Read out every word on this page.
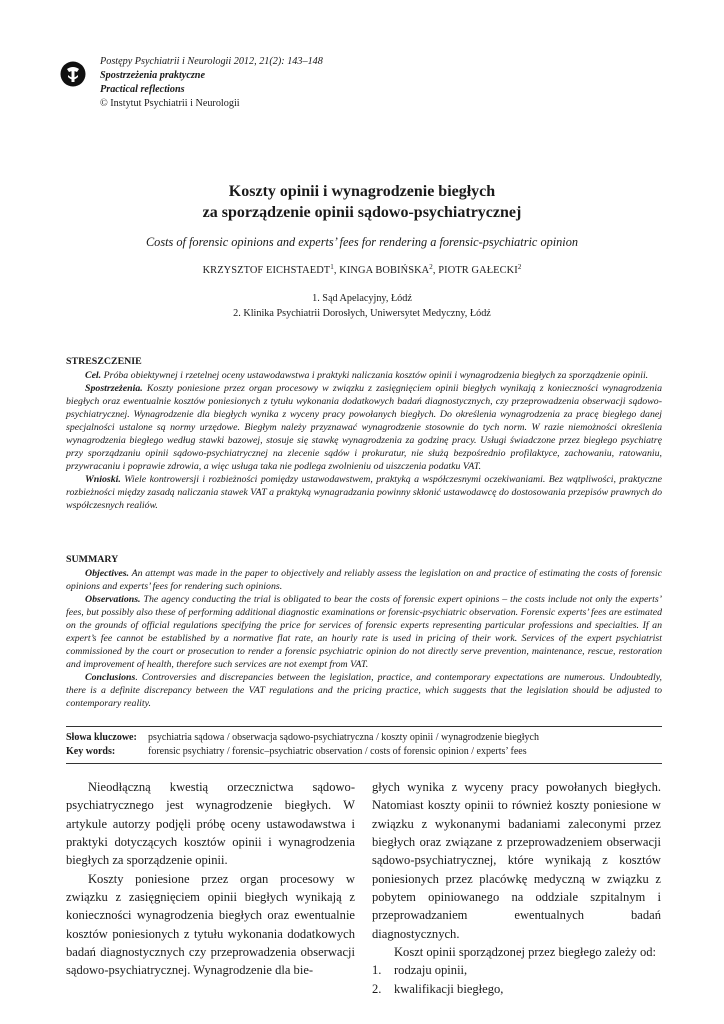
Postępy Psychiatrii i Neurologii 2012, 21(2): 143–148
Spostrzeżenia praktyczne
Practical reflections
© Instytut Psychiatrii i Neurologii
Koszty opinii i wynagrodzenie biegłych
za sporządzenie opinii sądowo-psychiatrycznej
Costs of forensic opinions and experts’ fees for rendering a forensic-psychiatric opinion
KRZYSZTOF EICHSTAEDT$^1$, KINGA BOBIŃSKA$^2$, PIOTR GAŁECKI$^2$
1. Sąd Apelacyjny, Łódź
2. Klinika Psychiatrii Dorosłych, Uniwersytet Medyczny, Łódź
STRESZCZENIE

Cel. Próba obiektywnej i rzetelnej oceny ustawodawstwa i praktyki naliczania kosztów opinii i wynagrodzenia biegłych za sporządzenie opinii.

Spostrzeżenia. Koszty poniesione przez organ procesowy w związku z zasięgnięciem opinii biegłych wynikają z konieczności wynagrodzenia biegłych oraz ewentualnie kosztów poniesionych z tytułu wykonania dodatkowych badań diagnostycznych, czy przeprowadzenia obserwacji sądowo-psychiatrycznej. Wynagrodzenie dla biegłych wynika z wyceny pracy powołanych biegłych. Do określenia wynagrodzenia za pracę biegłego danej specjalności ustalone są normy urzędowe. Biegłym należy przyznawać wynagrodzenie stosownie do tych norm. W razie niemożności określenia wynagrodzenia biegłego według stawki bazowej, stosuje się stawkę wynagrodzenia za godzinę pracy. Usługi świadczone przez biegłego psychiatrę przy sporządzaniu opinii sądowo-psychiatrycznej na zlecenie sądów i prokuratur, nie służą bezpośrednio profilaktyce, zachowaniu, ratowaniu, przywracaniu i poprawie zdrowia, a więc usługa taka nie podlega zwolnieniu od uiszczenia podatku VAT.

Wnioski. Wiele kontrowersji i rozbieżności pomiędzy ustawodawstwem, praktyką a współczesnymi oczekiwaniami. Bez wątpliwości, praktyczne rozbieżności między zasadą naliczania stawek VAT a praktyką wynagradzania powinny skłonić ustawodawcę do dostosowania przepisów prawnych do współczesnych realiów.

SUMMARY

Objectives. An attempt was made in the paper to objectively and reliably assess the legislation on and practice of estimating the costs of forensic opinions and experts’ fees for rendering such opinions.

Observations. The agency conducting the trial is obligated to bear the costs of forensic expert opinions – the costs include not only the experts’ fees, but possibly also these of performing additional diagnostic examinations or forensic-psychiatric observation. Forensic experts’ fees are estimated on the grounds of official regulations specifying the price for services of forensic experts representing particular professions and specialties. If an expert’s fee cannot be established by a normative flat rate, an hourly rate is used in pricing of their work. Services of the expert psychiatrist commissioned by the court or prosecution to render a forensic psychiatric opinion do not directly serve prevention, maintenance, rescue, restoration and improvement of health, therefore such services are not exempt from VAT.

Conclusions. Controversies and discrepancies between the legislation, practice, and contemporary expectations are numerous. Undoubtedly, there is a definite discrepancy between the VAT regulations and the pricing practice, which suggests that the legislation should be adjusted to contemporary reality.

Słowa kluczowe:	psychiatria sądowa / obserwacja sądowo-psychiatryczna / koszty opinii / wynagrodzenie biegłych
Key words:	forensic psychiatry / forensic–psychiatric observation / costs of forensic opinion / experts’ fees

Nieodłączną kwestią orzecznictwa sądowo-psychiatrycznego jest wynagrodzenie biegłych. W artykule autorzy podjęli próbę oceny ustawodawstwa i praktyki dotyczących kosztów opinii i wynagrodzenia biegłych za sporządzenie opinii.

Koszty poniesione przez organ procesowy w związku z zasięgnięciem opinii biegłych wynikają z konieczności wynagrodzenia biegłych oraz ewentualnie kosztów poniesionych z tytułu wykonania dodatkowych badań diagnostycznych czy przeprowadzenia obserwacji sądowo-psychiatrycznej. Wynagrodzenie dla bie-

głych wynika z wyceny pracy powołanych biegłych. Natomiast koszty opinii to również koszty poniesione w związku z wykonanymi badaniami zaleconymi przez biegłych oraz związane z przeprowadzeniem obserwacji sądowo-psychiatrycznej, które wynikają z kosztów poniesionych przez placówkę medyczną w związku z pobytem opiniowanego na oddziale szpitalnym i przeprowadzaniem ewentualnych badań diagnostycznych.

Koszt opinii sporządzonej przez biegłego zależy od:

1.	rodzaju opinii,
2.	kwalifikacji biegłego,
